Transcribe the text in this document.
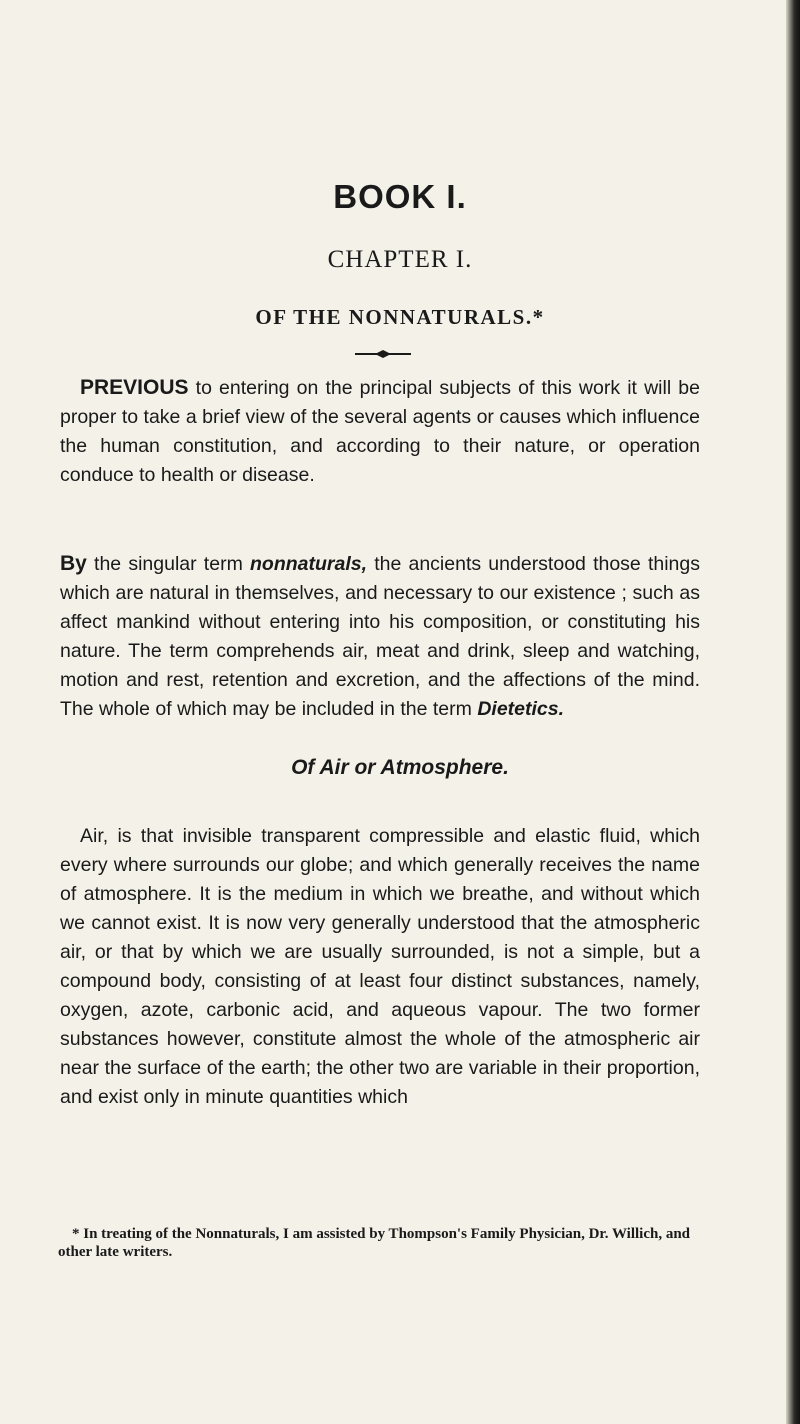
BOOK I.
CHAPTER I.
OF THE NONNATURALS.*
PREVIOUS to entering on the principal subjects of this work it will be proper to take a brief view of the several agents or causes which influence the human constitution, and according to their nature, or operation conduce to health or disease.
By the singular term nonnaturals, the ancients understood those things which are natural in themselves, and necessary to our existence ; such as affect mankind without entering into his composition, or constituting his nature. The term comprehends air, meat and drink, sleep and watching, motion and rest, retention and excretion, and the affections of the mind. The whole of which may be included in the term Dietetics.
Of Air or Atmosphere.
Air, is that invisible transparent compressible and elastic fluid, which every where surrounds our globe; and which generally receives the name of atmosphere. It is the medium in which we breathe, and without which we cannot exist. It is now very generally understood that the atmospheric air, or that by which we are usually surrounded, is not a simple, but a compound body, consisting of at least four distinct substances, namely, oxygen, azote, carbonic acid, and aqueous vapour. The two former substances however, constitute almost the whole of the atmospheric air near the surface of the earth; the other two are variable in their proportion, and exist only in minute quantities which
* In treating of the Nonnaturals, I am assisted by Thompson's Family Physician, Dr. Willich, and other late writers.
